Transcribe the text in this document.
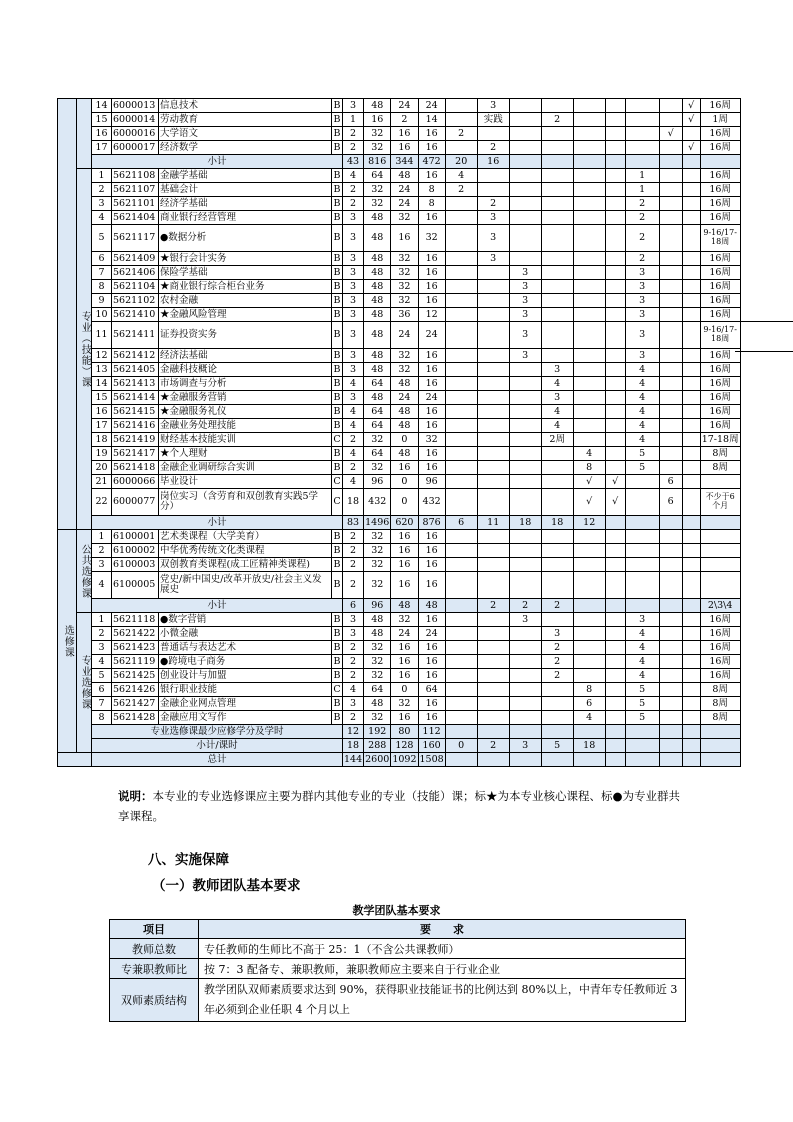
		14	6000013	信息技术	B	3	48	24	24		3							√	16周
		15	6000014	劳动教育	B	1	16	2	14		实践		2					√	1周
		16	6000016	大学语文	B	2	32	16	16	2							√		16周
		17	6000017	经济数学	B	2	32	16	16		2							√	16周
		小计				43	816	344	472	20	16								
	专业（技能）课	1	5621108	金融学基础	B	4	64	48	16	4						1			16周
		2	5621107	基础会计	B	2	32	24	8	2						1			16周
		3	5621101	经济学基础	B	2	32	24	8		2					2			16周
		4	5621404	商业银行经营管理	B	3	48	32	16		3					2			16周
		5	5621117	●数据分析	B	3	48	16	32		3					2			9-16/17-18周
		6	5621409	★银行会计实务	B	3	48	32	16		3					2			16周
		7	5621406	保险学基础	B	3	48	32	16			3				3			16周
		8	5621104	★商业银行综合柜台业务	B	3	48	32	16			3				3			16周
		9	5621102	农村金融	B	3	48	32	16			3				3			16周
		10	5621410	★金融风险管理	B	3	48	36	12			3				3			16周
		11	5621411	证券投资实务	B	3	48	24	24			3				3			9-16/17-18周
		12	5621412	经济法基础	B	3	48	32	16			3				3			16周
		13	5621405	金融科技概论	B	3	48	32	16				3			4			16周
		14	5621413	市场调查与分析	B	4	64	48	16				4			4			16周
		15	5621414	★金融服务营销	B	3	48	24	24				3			4			16周
		16	5621415	★金融服务礼仪	B	4	64	48	16				4			4			16周
		17	5621416	金融业务处理技能	B	4	64	48	16				4			4			16周
		18	5621419	财经基本技能实训	C	2	32	0	32				2周			4			17-18周
		19	5621417	★个人理财	B	4	64	48	16					4		5			8周
		20	5621418	金融企业调研综合实训	B	2	32	16	16					8		5			8周
		21	6000066	毕业设计	C	4	96	0	96					√	√		6		
		22	6000077	岗位实习（含劳育和双创教育实践5学分）	C	18	432	0	432					√	√		6		不少于6个月
		小计				83	1496	620	876	6	11	18	18	12					
选修课	公共选修课	1	6100001	艺术类课程（大学美育）	B	2	32	16	16										
		2	6100002	中华优秀传统文化类课程	B	2	32	16	16										
		3	6100003	双创教育类课程(成工匠精神类课程)	B	2	32	16	16										
		4	6100005	党史/新中国史/改革开放史/社会主义发展史	B	2	32	16	16										
		小计				6	96	48	48		2	2	2						2\3\4
	专业选修课	1	5621118	●数字营销	B	3	48	32	16			3				3			16周
		2	5621422	小微金融	B	3	48	24	24				3			4			16周
		3	5621423	普通话与表达艺术	B	2	32	16	16				2			4			16周
		4	5621119	●跨境电子商务	B	2	32	16	16				2			4			16周
		5	5621425	创业设计与加盟	B	2	32	16	16				2			4			16周
		6	5621426	银行职业技能	C	4	64	0	64					8		5			8周
		7	5621427	金融企业网点管理	B	3	48	32	16					6		5			8周
		8	5621428	金融应用文写作	B	2	32	16	16					4		5			8周
		专业选修课最少应修学分及学时				12	192	80	112										
		小计/课时				18	288	128	160	0	2	3	5	18					
		总计				144	2600	1092	1508										
说明：本专业的专业选修课应主要为群内其他专业的专业（技能）课；标★为本专业核心课程、标●为专业群共享课程。
八、实施保障
（一）教师团队基本要求
教学团队基本要求
项目	要　　求
教师总数	专任教师的生师比不高于 25：1（不含公共课教师）
专兼职教师比	按 7：3 配备专、兼职教师，兼职教师应主要来自于行业企业
双师素质结构	教学团队双师素质要求达到 90%，获得职业技能证书的比例达到 80%以上，中青年专任教师近 3 年必须到企业任职 4 个月以上
